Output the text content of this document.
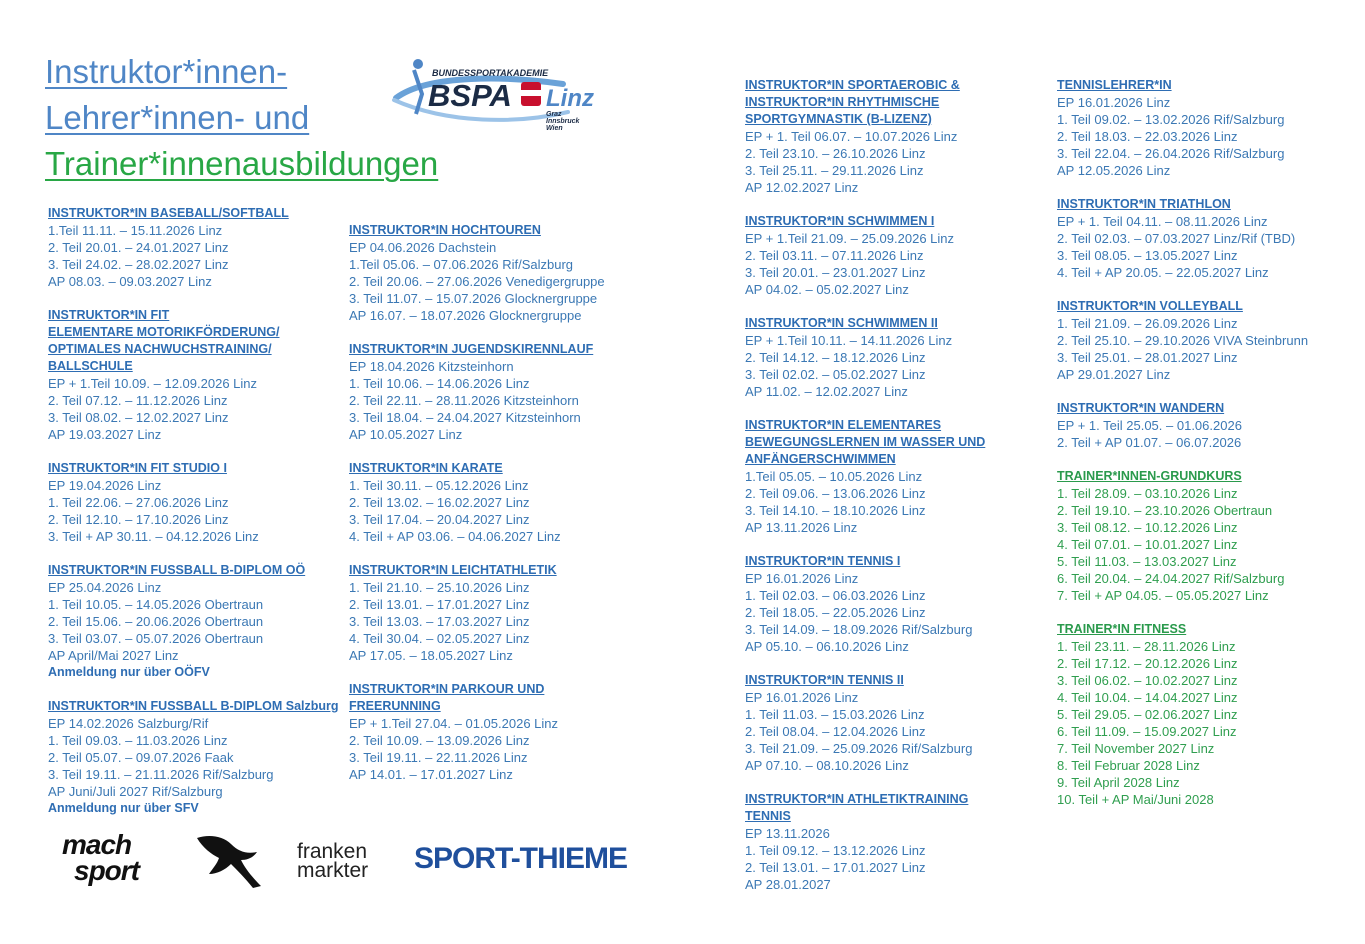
Instruktor*innen-
Lehrer*innen- und
Trainer*innenausbildungen
BUNDESSPORTAKADEMIE
BSPA Linz
Graz
Innsbruck
Wien
INSTRUKTOR*IN BASEBALL/SOFTBALL
1.Teil 11.11. – 15.11.2026 Linz
2. Teil 20.01. – 24.01.2027 Linz
3. Teil 24.02. – 28.02.2027 Linz
AP 08.03. – 09.03.2027 Linz
INSTRUKTOR*IN FIT
ELEMENTARE MOTORIKFÖRDERUNG/
OPTIMALES NACHWUCHSTRAINING/
BALLSCHULE
EP + 1.Teil 10.09. – 12.09.2026 Linz
2. Teil 07.12. – 11.12.2026 Linz
3. Teil 08.02. – 12.02.2027 Linz
AP 19.03.2027 Linz
INSTRUKTOR*IN FIT STUDIO I
EP 19.04.2026 Linz
1. Teil 22.06. – 27.06.2026 Linz
2. Teil 12.10. – 17.10.2026 Linz
3. Teil + AP 30.11. – 04.12.2026 Linz
INSTRUKTOR*IN FUSSBALL B-DIPLOM OÖ
EP 25.04.2026 Linz
1. Teil 10.05. – 14.05.2026 Obertraun
2. Teil 15.06. – 20.06.2026 Obertraun
3. Teil 03.07. – 05.07.2026 Obertraun
AP April/Mai 2027 Linz
Anmeldung nur über OÖFV
INSTRUKTOR*IN FUSSBALL B-DIPLOM Salzburg
EP 14.02.2026 Salzburg/Rif
1. Teil 09.03. – 11.03.2026 Linz
2. Teil 05.07. – 09.07.2026 Faak
3. Teil 19.11. – 21.11.2026 Rif/Salzburg
AP Juni/Juli 2027 Rif/Salzburg
Anmeldung nur über SFV
INSTRUKTOR*IN HOCHTOUREN
EP 04.06.2026 Dachstein
1.Teil 05.06. – 07.06.2026 Rif/Salzburg
2. Teil 20.06. – 27.06.2026 Venedigergruppe
3. Teil 11.07. – 15.07.2026 Glocknergruppe
AP 16.07. – 18.07.2026 Glocknergruppe
INSTRUKTOR*IN JUGENDSKIRENNLAUF
EP 18.04.2026 Kitzsteinhorn
1. Teil 10.06. – 14.06.2026 Linz
2. Teil 22.11. – 28.11.2026 Kitzsteinhorn
3. Teil 18.04. – 24.04.2027 Kitzsteinhorn
AP 10.05.2027 Linz
INSTRUKTOR*IN KARATE
1. Teil 30.11. – 05.12.2026 Linz
2. Teil 13.02. – 16.02.2027 Linz
3. Teil 17.04. – 20.04.2027 Linz
4. Teil + AP 03.06. – 04.06.2027 Linz
INSTRUKTOR*IN LEICHTATHLETIK
1. Teil 21.10. – 25.10.2026 Linz
2. Teil 13.01. – 17.01.2027 Linz
3. Teil 13.03. – 17.03.2027 Linz
4. Teil 30.04. – 02.05.2027 Linz
AP 17.05. – 18.05.2027 Linz
INSTRUKTOR*IN PARKOUR UND
FREERUNNING
EP + 1.Teil 27.04. – 01.05.2026 Linz
2. Teil 10.09. – 13.09.2026 Linz
3. Teil 19.11. – 22.11.2026 Linz
AP 14.01. – 17.01.2027 Linz
INSTRUKTOR*IN SPORTAEROBIC &
INSTRUKTOR*IN RHYTHMISCHE
SPORTGYMNASTIK (B-LIZENZ)
EP + 1. Teil 06.07. – 10.07.2026 Linz
2. Teil 23.10. – 26.10.2026 Linz
3. Teil 25.11. – 29.11.2026 Linz
AP 12.02.2027 Linz
INSTRUKTOR*IN SCHWIMMEN I
EP + 1.Teil 21.09. – 25.09.2026 Linz
2. Teil 03.11. – 07.11.2026 Linz
3. Teil 20.01. – 23.01.2027 Linz
AP 04.02. – 05.02.2027 Linz
INSTRUKTOR*IN SCHWIMMEN II
EP + 1.Teil 10.11. – 14.11.2026 Linz
2. Teil 14.12. – 18.12.2026 Linz
3. Teil 02.02. – 05.02.2027 Linz
AP 11.02. – 12.02.2027 Linz
INSTRUKTOR*IN ELEMENTARES
BEWEGUNGSLERNEN IM WASSER UND
ANFÄNGERSCHWIMMEN
1.Teil 05.05. – 10.05.2026 Linz
2. Teil 09.06. – 13.06.2026 Linz
3. Teil 14.10. – 18.10.2026 Linz
AP 13.11.2026 Linz
INSTRUKTOR*IN TENNIS I
EP 16.01.2026 Linz
1. Teil 02.03. – 06.03.2026 Linz
2. Teil 18.05. – 22.05.2026 Linz
3. Teil 14.09. – 18.09.2026 Rif/Salzburg
AP 05.10. – 06.10.2026 Linz
INSTRUKTOR*IN TENNIS II
EP 16.01.2026 Linz
1. Teil 11.03. – 15.03.2026 Linz
2. Teil 08.04. – 12.04.2026 Linz
3. Teil 21.09. – 25.09.2026 Rif/Salzburg
AP 07.10. – 08.10.2026 Linz
INSTRUKTOR*IN ATHLETIKTRAINING
TENNIS
EP 13.11.2026
1. Teil 09.12. – 13.12.2026 Linz
2. Teil 13.01. – 17.01.2027 Linz
AP 28.01.2027
TENNISLEHRER*IN
EP 16.01.2026 Linz
1. Teil 09.02. – 13.02.2026 Rif/Salzburg
2. Teil 18.03. – 22.03.2026 Linz
3. Teil 22.04. – 26.04.2026 Rif/Salzburg
AP 12.05.2026 Linz
INSTRUKTOR*IN TRIATHLON
EP + 1. Teil 04.11. – 08.11.2026 Linz
2. Teil 02.03. – 07.03.2027 Linz/Rif (TBD)
3. Teil 08.05. – 13.05.2027 Linz
4. Teil + AP 20.05. – 22.05.2027 Linz
INSTRUKTOR*IN VOLLEYBALL
1. Teil 21.09. – 26.09.2026 Linz
2. Teil 25.10. – 29.10.2026 VIVA Steinbrunn
3. Teil 25.01. – 28.01.2027 Linz
AP 29.01.2027 Linz
INSTRUKTOR*IN WANDERN
EP + 1. Teil 25.05. – 01.06.2026
2. Teil + AP 01.07. – 06.07.2026
TRAINER*INNEN-GRUNDKURS
1. Teil 28.09. – 03.10.2026 Linz
2. Teil 19.10. – 23.10.2026 Obertraun
3. Teil 08.12. – 10.12.2026 Linz
4. Teil 07.01. – 10.01.2027 Linz
5. Teil 11.03. – 13.03.2027 Linz
6. Teil 20.04. – 24.04.2027 Rif/Salzburg
7. Teil + AP 04.05. – 05.05.2027 Linz
TRAINER*IN FITNESS
1. Teil 23.11. – 28.11.2026 Linz
2. Teil 17.12. – 20.12.2026 Linz
3. Teil 06.02. – 10.02.2027 Linz
4. Teil 10.04. – 14.04.2027 Linz
5. Teil 29.05. – 02.06.2027 Linz
6. Teil 11.09. – 15.09.2027 Linz
7. Teil November 2027 Linz
8. Teil Februar 2028 Linz
9. Teil April 2028 Linz
10. Teil + AP Mai/Juni 2028
mach
sport
franken
markter SPORT-THIEME
